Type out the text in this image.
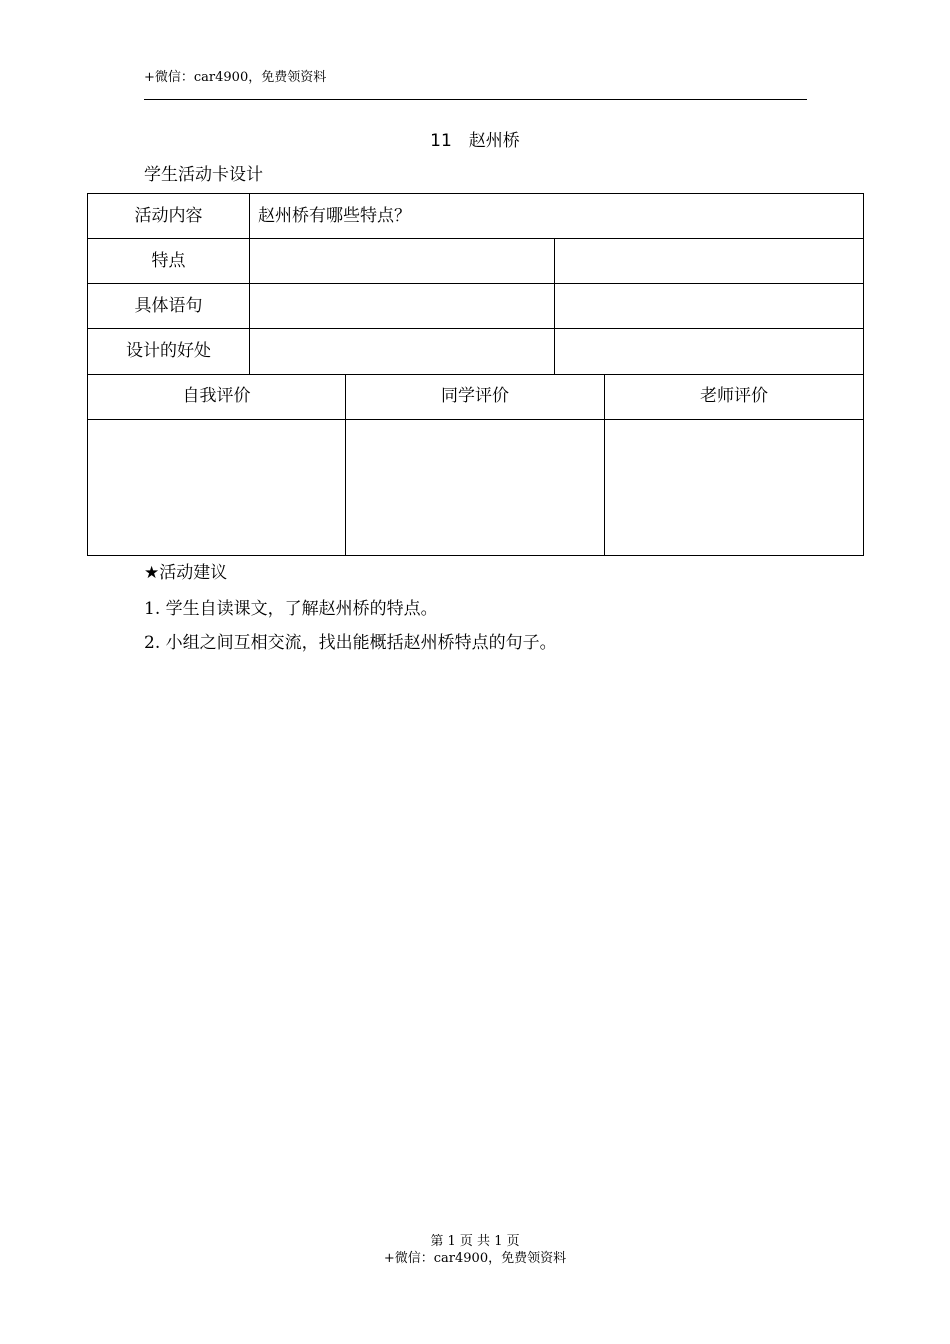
+微信：car4900，免费领资料
11　赵州桥
学生活动卡设计
活动内容	赵州桥有哪些特点？
特点
具体语句
设计的好处
自我评价	同学评价	老师评价
★活动建议
1. 学生自读课文，了解赵州桥的特点。
2. 小组之间互相交流，找出能概括赵州桥特点的句子。
第 1 页 共 1 页
+微信：car4900，免费领资料
